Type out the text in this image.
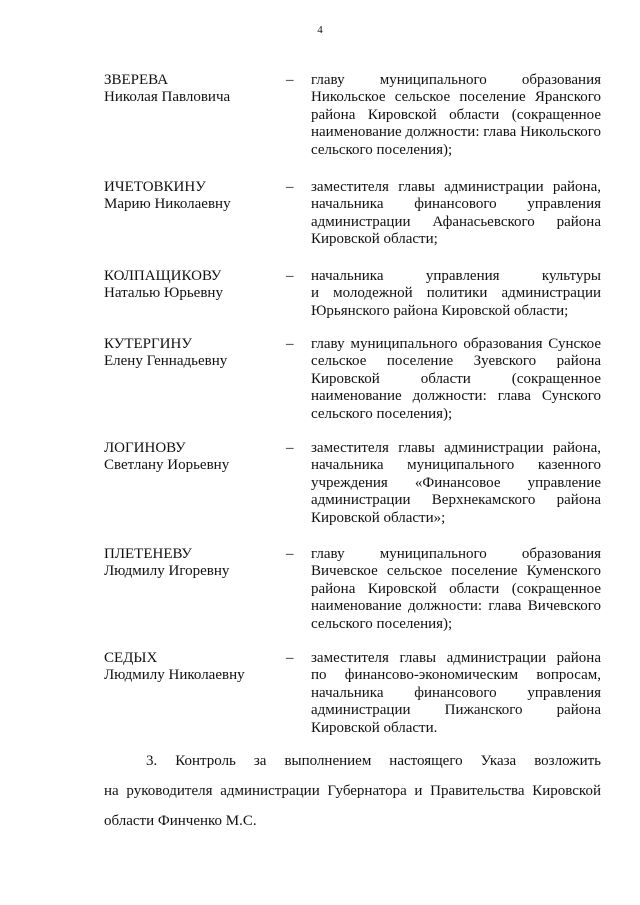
4
ЗВЕРЕВА
Николая Павловича
– главу муниципального образования
Никольское сельское поселение Яранского
района Кировской области (сокращенное
наименование должности: глава Никольского
сельского поселения);
ИЧЕТОВКИНУ
Марию Николаевну
– заместителя главы администрации района,
начальника финансового управления
администрации Афанасьевского района
Кировской области;
КОЛПАЩИКОВУ
Наталью Юрьевну
– начальника управления культуры
и молодежной политики администрации
Юрьянского района Кировской области;
КУТЕРГИНУ
Елену Геннадьевну
– главу муниципального образования Сунское
сельское поселение Зуевского района
Кировской области (сокращенное
наименование должности: глава Сунского
сельского поселения);
ЛОГИНОВУ
Светлану Иорьевну
– заместителя главы администрации района,
начальника муниципального казенного
учреждения «Финансовое управление
администрации Верхнекамского района
Кировской области»;
ПЛЕТЕНЕВУ
Людмилу Игоревну
– главу муниципального образования
Вичевское сельское поселение Куменского
района Кировской области (сокращенное
наименование должности: глава Вичевского
сельского поселения);
СЕДЫХ
Людмилу Николаевну
– заместителя главы администрации района
по финансово-экономическим вопросам,
начальника финансового управления
администрации Пижанского района
Кировской области.
3. Контроль за выполнением настоящего Указа возложить
на руководителя администрации Губернатора и Правительства Кировской
области Финченко М.С.
